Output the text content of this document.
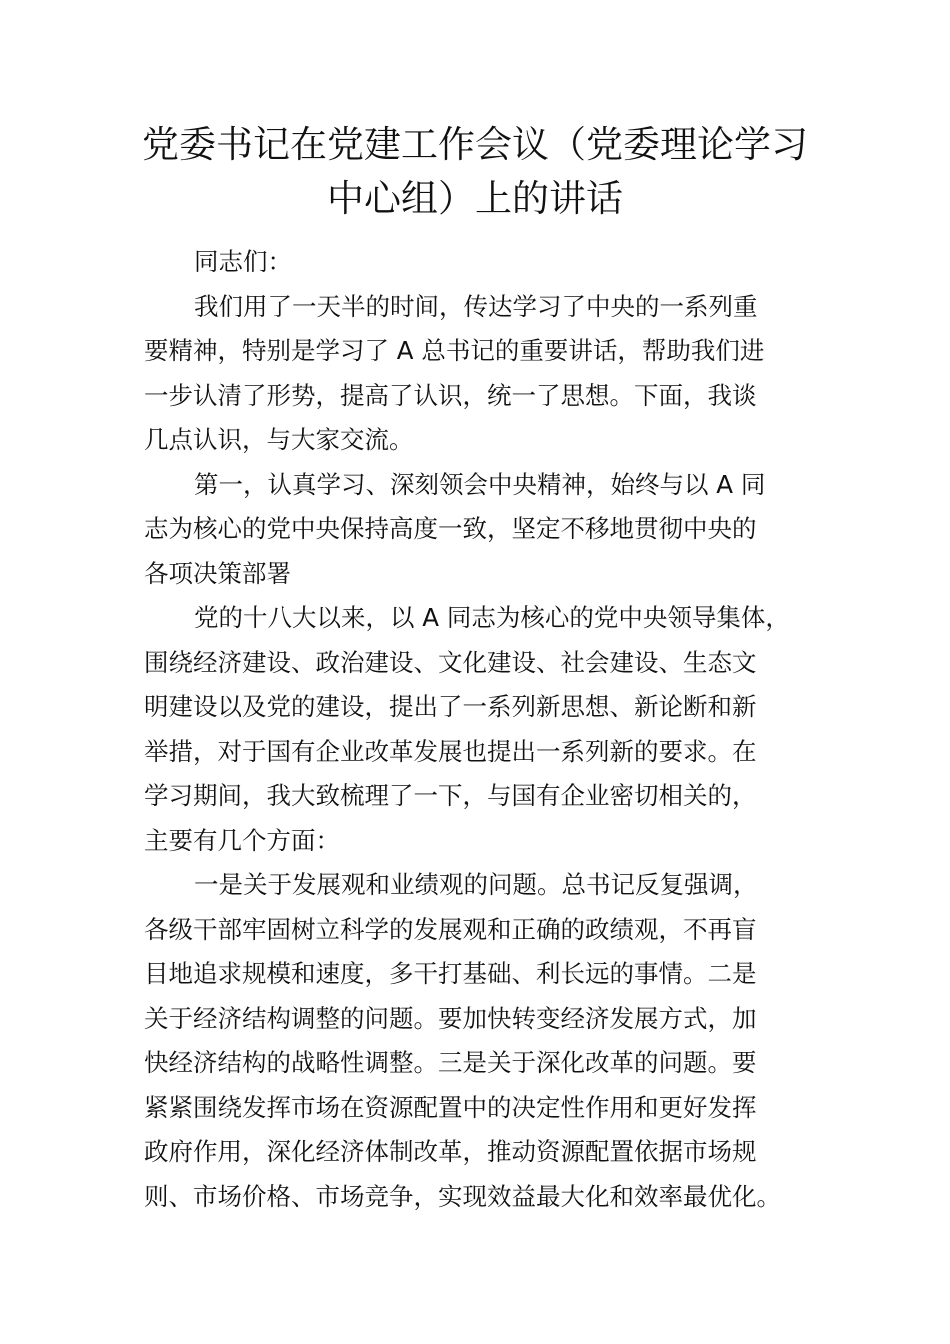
党委书记在党建工作会议（党委理论学习
中心组）上的讲话
同志们：
我们用了一天半的时间，传达学习了中央的一系列重
要精神，特别是学习了 A 总书记的重要讲话，帮助我们进
一步认清了形势，提高了认识，统一了思想。下面，我谈
几点认识，与大家交流。
第一，认真学习、深刻领会中央精神，始终与以 A 同
志为核心的党中央保持高度一致，坚定不移地贯彻中央的
各项决策部署
党的十八大以来，以 A 同志为核心的党中央领导集体，
围绕经济建设、政治建设、文化建设、社会建设、生态文
明建设以及党的建设，提出了一系列新思想、新论断和新
举措，对于国有企业改革发展也提出一系列新的要求。在
学习期间，我大致梳理了一下，与国有企业密切相关的，
主要有几个方面：
一是关于发展观和业绩观的问题。总书记反复强调，
各级干部牢固树立科学的发展观和正确的政绩观，不再盲
目地追求规模和速度，多干打基础、利长远的事情。二是
关于经济结构调整的问题。要加快转变经济发展方式，加
快经济结构的战略性调整。三是关于深化改革的问题。要
紧紧围绕发挥市场在资源配置中的决定性作用和更好发挥
政府作用，深化经济体制改革，推动资源配置依据市场规
则、市场价格、市场竞争，实现效益最大化和效率最优化。
